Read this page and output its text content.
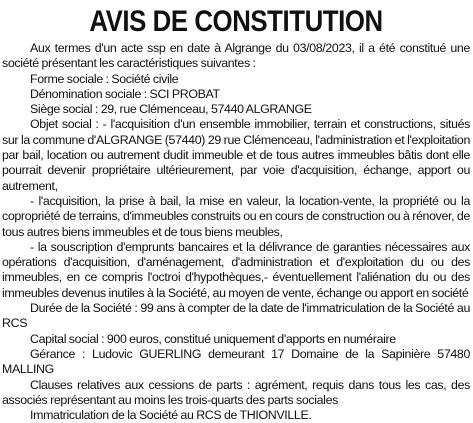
AVIS DE CONSTITUTION

Aux termes d'un acte ssp en date à Algrange du 03/08/2023, il a été constitué une société présentant les caractéristiques suivantes :

Forme sociale : Société civile

Dénomination sociale : SCI PROBAT

Siège social : 29, rue Clémenceau, 57440 ALGRANGE

Objet social : - l'acquisition d'un ensemble immobilier, terrain et constructions, situés sur la commune d'ALGRANGE (57440) 29 rue Clémenceau, l'administration et l'exploitation par bail, location ou autrement dudit immeuble et de tous autres immeubles bâtis dont elle pourrait devenir propriétaire ultérieurement, par voie d'acquisition, échange, apport ou autrement,

- l'acquisition, la prise à bail, la mise en valeur, la location-vente, la propriété ou la copropriété de terrains, d'immeubles construits ou en cours de construction ou à rénover, de tous autres biens immeubles et de tous biens meubles,

- la souscription d'emprunts bancaires et la délivrance de garanties nécessaires aux opérations d'acquisition, d'aménagement, d'administration et d'exploitation du ou des immeubles, en ce compris l'octroi d'hypothèques,- éventuellement l'aliénation du ou des immeubles devenus inutiles à la Société, au moyen de vente, échange ou apport en société

Durée de la Société : 99 ans à compter de la date de l'immatriculation de la Société au RCS

Capital social : 900 euros, constitué uniquement d'apports en numéraire

Gérance : Ludovic GUERLING demeurant 17 Domaine de la Sapinière 57480 MALLING

Clauses relatives aux cessions de parts : agrément, requis dans tous les cas, des associés représentant au moins les trois-quarts des parts sociales

Immatriculation de la Société au RCS de THIONVILLE.
